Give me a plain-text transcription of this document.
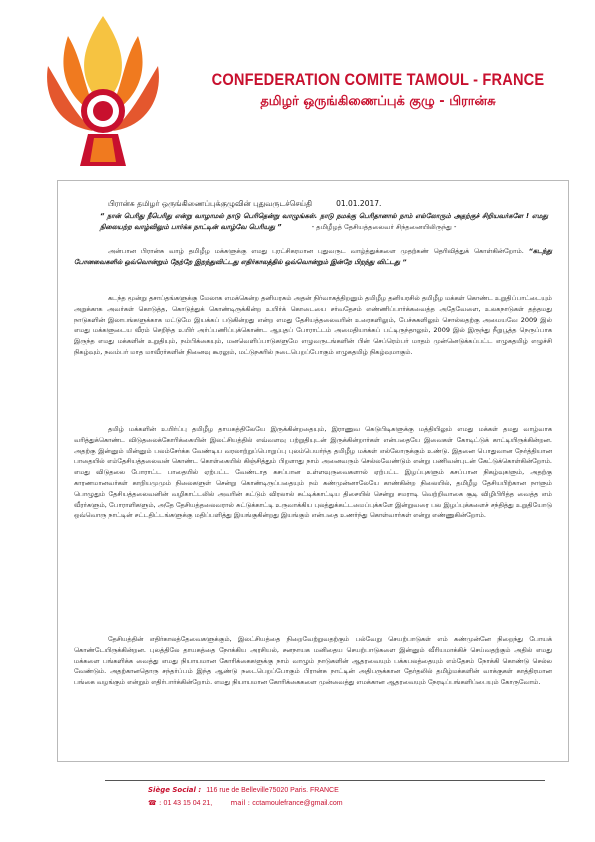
CONFEDERATION COMITE TAMOUL - FRANCE
தமிழர் ஒருங்கிணைப்புக் குழு - பிரான்சு
பிரான்சு தமிழர் ஒருங்கிணைப்புக்குழுவின் புதுவருடச்செய்தி	01.01.2017.
“ நான் பெரிது நீபெரிது என்று வாழாமல் நாடு பெரிதென்று வாழுங்கள். நாடு நமக்கு பெரிதானால் நாம் எல்லோரும் அதற்குச் சிறியவர்களே ! எமது நிலையற்ற வாழ்விலும் பார்க்க நாட்டின் வாழ்வே பெரியது ”	- தமிழீழத் தேசியத்தலைவர் சிந்தனையிலிருந்து -

அன்பான பிரான்சு வாழ் தமிழீழ மக்களுக்கு எமது புரட்சிகரமான புதுவருட வாழ்த்துக்களை முதற்கண் தெரிவித்துக் கொள்கின்றோம். “கடந்து போனவைகளில் ஒவ்வொன்றும் நேற்றே இறந்துவிட்டது எதிர்காலத்தில் ஒவ்வொன்றும் இன்றே பிறந்து விட்டது ”

கடந்த மூன்று தசாப்தங்களுக்கு மேலாக எமக்கென்ற தனியரசும் அதன் நிர்வாகத்திறனும் தமிழீழ தனியரசில் தமிழீழ மக்கள் கொண்ட உறுதிப்பாட்டையும் அறுக்காக அவர்கள் கொடுத்த, கொடுத்துக் கொண்டிருக்கின்ற உயிர்க் கொடையை சர்வதேசம் எண்ணிப்பார்க்கவைத்த அதேவேளை, உலகநாடுகள் தத்தமது நாடுகளின் இலாபங்களுக்காக மட்டுமே இயக்கப் படுகின்றது என்ற எமது தேசியத்தலைவரின் உரைகளிலும், பேச்சுகளிலும் சொல்லதற்கு அமையவே 2009 இல் எமது மக்களுடைய வீரம் செறிந்த உயிர் அர்ப்பணிப்புக்கொண்ட ஆயுதப் போராட்டம் அமைதியாக்கப் பட்டிருந்தாலும், 2009 இல் இருந்து நீறுபூத்த நெருப்பாக இருந்த எமது மக்களின் உறுதியும், நம்பிக்கையும், மனவெளிப்பாடுகளுமே எழுவருடங்களின் பின் செப்ரெம்பர் மாதம் முன்னெடுக்கப்பட்ட எழுகதமிழ் எழுச்சி நிகழ்வும், நவம்பர் மாத மாவீரர்களின் நினைவு கூரலும், மட்டுநகரில் நடைபெறப்போகும் எழுகதமிழ் நிகழ்வுமாகும்.

தமிழ் மக்களின் உயிர்ப்பு தமிழீழ தாயகத்திலேயே இருக்கின்றதையும், இராணுவ கெடுபிடிகளுக்கு மத்தியிலும் எமது மக்கள் தமது வாழ்வாக வரித்துக்கொண்ட விடுதலைக்கோரிக்கையின் இலட்சியத்தில் எவ்வளவு பற்றுதியுடன் இருக்கின்றார்கள் என்பதையே இவைகள் கோடிட்டுக் காட்டியிருக்கின்றன. அதற்கு இன்னும் மின்னும் பலம்சேர்க்க வேண்டிய வரலாற்றுப்பொறுப்பு புலம்பெயர்ந்த தமிழீழ மக்கள் எல்லோருக்கும் உண்டு. இதனை பொதுவான நேர்த்தியான பாதையில் எம்தேசியத்தலைவன் கொண்ட கொள்கையில் கிஞ்சித்தும் பிறளாது நாம் அனைவரும் செல்லவேண்டும் என்று பணிவன்புடன் கேட்டுக்கொள்கின்றோம். எமது விடுதலை போராட்ட பாதையில் ஏற்பட்ட வேண்டாத கசப்பான உள்ளவுருவைகளால் ஏற்பட்ட இழப்புகளும் கசப்பான நிகழ்வுகளும், அதற்கு காரணமானவர்கள் காறியமுமும் நிலைகளுள் சென்று கொண்டிருப்பதையும் நம் கண்முன்னாலேயே காண்கின்ற நிலையில், தமிழீழ தேசியபிற்கான நாளும் பொழுதும் தேசியத்தலைவனின் வழிகாட்டலில் அவரின் கட்டும் விரலால் சுட்டிக்காட்டிய திசையில் சென்று சமராடி வெற்றிவாகை சூடி விழிபிரித்த வைத்த எம் வீரர்களும், போராளிகளும், அதே தேசியத்தலைவரால் சுட்டுக்காட்டி உருவாக்கிய புலத்துக்கட்டமைப்புக்களே இன்றுவரை பல இழப்புக்களைச் சந்தித்து உறுதியோடு ஒவ்வொரு நாட்டின் சட்டதிட்டங்களுக்கு மதிப்பளித்து இயங்குகின்றது இயங்கும் என்பதை உணர்ந்து கொள்வார்கள் என்று எண்ணுகின்றோம்.

தேசியத்தின் எதிர்காலத்தேவைகளுக்கும், இலட்சியத்தை நிறைவேற்றுவதற்கும் பல்வேறு செயற்பாடுகள் எம் கண்முன்னே நிறைந்து போயக் கொண்டேயிருக்கின்றன. புலத்திலே தாயகத்தை நோக்கிய அரசியல், சனநாயக மனிதைய செயற்பாடுகளை இன்னும் வீரியமாக்கிச் செய்வதற்கும் அதில் எமது மக்களை பங்களிக்க வைத்து எமது நியாயமான கோரிக்கைகளுக்கு நாம் வாழும் நாடுகளின் ஆதரவையும் பக்கபலத்தையும் எம்தேசம் நோக்கி கொண்டு செல்ல வேண்டும். அதற்கானதொரு சந்தர்ப்பம் இந்த ஆண்டு நடைபெறப்போகும் பிரான்சு நாட்டின் அதிபருக்கான தேர்தலில் தமிழ்மக்களின் வாக்குகள் காத்திரமான பங்கை வழங்கும் என்றும் எதிர்பார்க்கின்றோம். எமது நியாயமான கோரிக்கைகளை முன்வைத்து எமக்கான ஆதரவையும் நேரடிப்பங்களிப்பையும் கோருவோம்.

Siège Social : 116 rue de Belleville75020 Paris. FRANCE
☎ : 01 43 15 04 21,	mail : cctamoulefrance@gmail.com
